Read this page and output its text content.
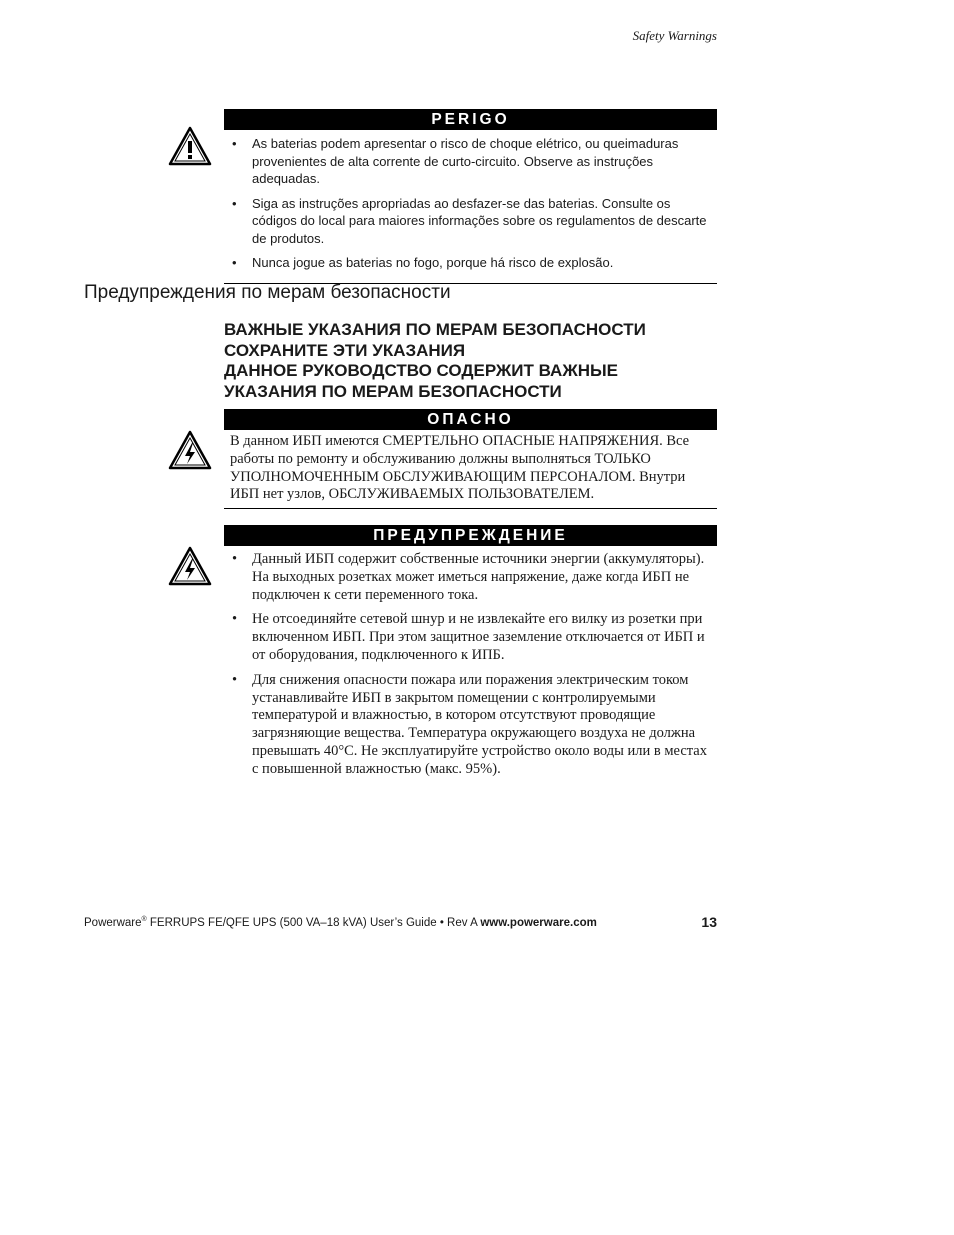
Safety Warnings
PERIGO
• As baterias podem apresentar o risco de choque elétrico, ou queimaduras provenientes de alta corrente de curto-circuito. Observe as instruções adequadas.
• Siga as instruções apropriadas ao desfazer-se das baterias. Consulte os códigos do local para maiores informações sobre os regulamentos de descarte de produtos.
• Nunca jogue as baterias no fogo, porque há risco de explosão.
Предупреждения по мерам безопасности
ВАЖНЫЕ УКАЗАНИЯ ПО МЕРАМ БЕЗОПАСНОСТИ
СОХРАНИТЕ ЭТИ УКАЗАНИЯ
ДАННОЕ РУКОВОДСТВО СОДЕРЖИТ ВАЖНЫЕ
УКАЗАНИЯ ПО МЕРАМ БЕЗОПАСНОСТИ
ОПАСНО
В данном ИБП имеются СМЕРТЕЛЬНО ОПАСНЫЕ НАПРЯЖЕНИЯ. Все работы по ремонту и обслуживанию должны выполняться ТОЛЬКО УПОЛНОМОЧЕННЫМ ОБСЛУЖИВАЮЩИМ ПЕРСОНАЛОМ. Внутри ИБП нет узлов, ОБСЛУЖИВАЕМЫХ ПОЛЬЗОВАТЕЛЕМ.
ПРЕДУПРЕЖДЕНИЕ
• Данный ИБП содержит собственные источники энергии (аккумуляторы). На выходных розетках может иметься напряжение, даже когда ИБП не подключен к сети переменного тока.
• Не отсоединяйте сетевой шнур и не извлекайте его вилку из розетки при включенном ИБП. При этом защитное заземление отключается от ИБП и от оборудования, подключенного к ИПБ.
• Для снижения опасности пожара или поражения электрическим током устанавливайте ИБП в закрытом помещении с контролируемыми температурой и влажностью, в котором отсутствуют проводящие загрязняющие вещества. Температура окружающего воздуха не должна превышать 40°C. Не эксплуатируйте устройство около воды или в местах с повышенной влажностью (макс. 95%).
Powerware® FERRUPS FE/QFE UPS (500 VA–18 kVA) User’s Guide • Rev A www.powerware.com	13
